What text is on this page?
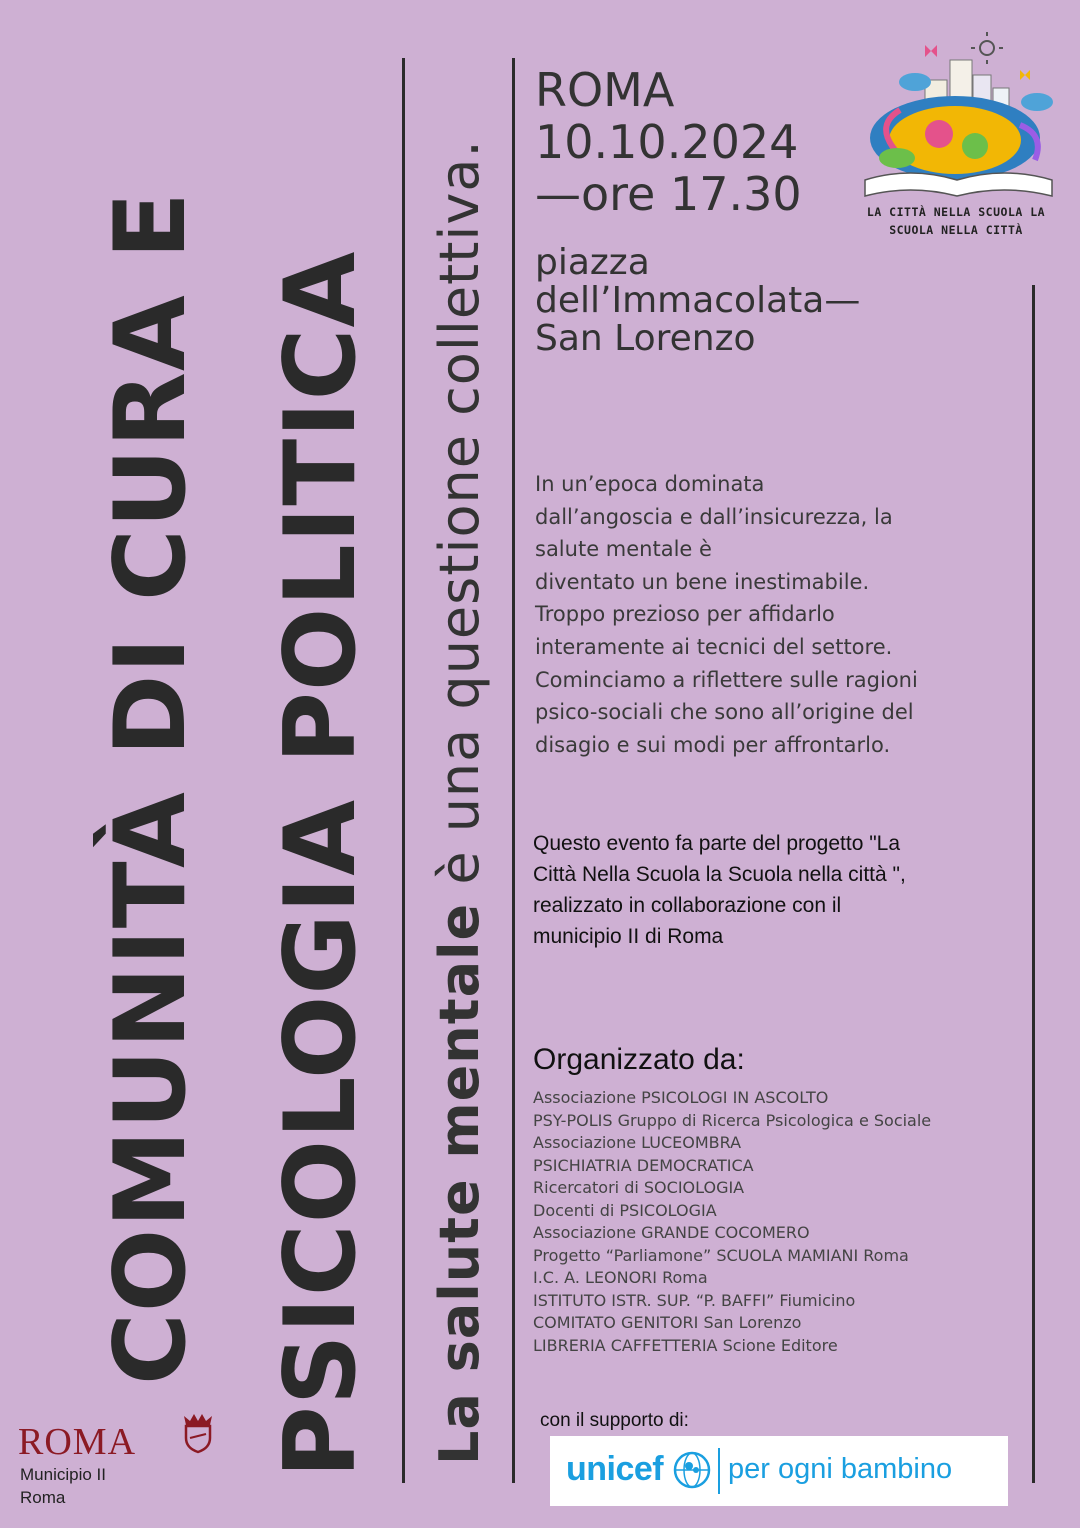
COMUNITÀ DI CURA E PSICOLOGIA POLITICA La salute mentale è una questione collettiva.	LA CITTÀ NELLA SCUOLA LA
SCUOLA NELLA CITTÀ
ROMA
10.10.2024
—ore 17.30
piazza
dell’Immacolata—
San Lorenzo
In un’epoca dominata
dall’angoscia e dall’insicurezza, la
salute mentale è
diventato un bene inestimabile.
Troppo prezioso per affidarlo
interamente ai tecnici del settore.
Cominciamo a riflettere sulle ragioni
psico-sociali che sono all’origine del
disagio e sui modi per affrontarlo.
Questo evento fa parte del progetto "La
Città Nella Scuola la Scuola nella città ",
realizzato in collaborazione con il
municipio II di Roma
Organizzato da:
Associazione PSICOLOGI IN ASCOLTO
PSY-POLIS Gruppo di Ricerca Psicologica e Sociale
Associazione LUCEOMBRA
PSICHIATRIA DEMOCRATICA
Ricercatori di SOCIOLOGIA
Docenti di PSICOLOGIA
Associazione GRANDE COCOMERO
Progetto “Parliamone” SCUOLA MAMIANI Roma
I.C. A. LEONORI Roma
ISTITUTO ISTR. SUP. “P. BAFFI” Fiumicino
COMITATO GENITORI San Lorenzo
LIBRERIA CAFFETTERIA Scione Editore
con il supporto di:
unicef per ogni bambino
ROMA
Municipio II
Roma
